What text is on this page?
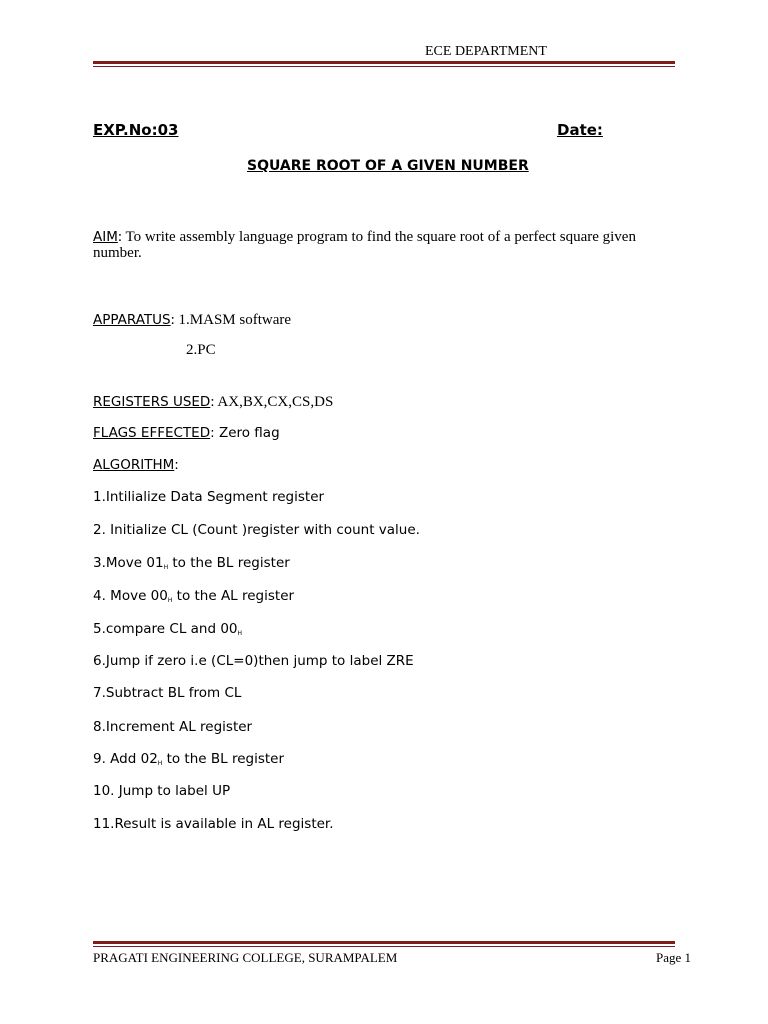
ECE DEPARTMENT
EXP.No:03	Date:
SQUARE ROOT OF A GIVEN NUMBER
AIM: To write assembly language program to find the square root of a perfect square given
number.
APPARATUS: 1.MASM software
2.PC
REGISTERS USED: AX,BX,CX,CS,DS
FLAGS EFFECTED: Zero flag
ALGORITHM:
1.Intilialize Data Segment register
2. Initialize CL (Count )register with count value.
3.Move $01_H$ to the BL register
4. Move $00_H$ to the AL register
5.compare CL and $00_H$
6.Jump if zero i.e (CL=0)then jump to label ZRE
7.Subtract BL from CL
8.Increment AL register
9. Add $02_H$ to the BL register
10. Jump to label UP
11.Result is available in AL register.
PRAGATI ENGINEERING COLLEGE, SURAMPALEM	Page 1
